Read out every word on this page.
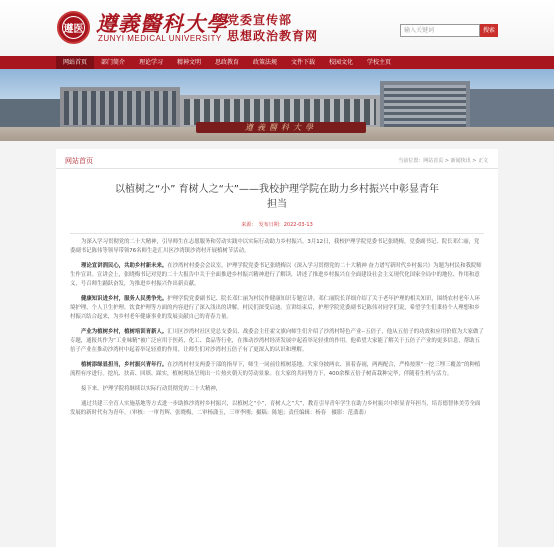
遵医 遵義醫科大學
ZUNYI MEDICAL UNIVERSITY
党委宣传部
思想政治教育网	输入关键词	搜索
网站首页	部门简介	理论学习	精神文明	思政教育	政策法规	文件下载	校园文化	学校主页
遵義醫科大學
网站首页	当前位置：网站首页 > 新闻快讯 > 正文
以植树之“小” 育树人之“大”——我校护理学院在助力乡村振兴中彰显青年
担当
来源：　发布日期：2022-03-13

为深入学习贯彻党的二十大精神，引导师生在志愿服务和劳动实践中以实际行动助力乡村振兴。3月12日，我校护理学院党委书记张晓梅，党委副书记、院长邓仁丽，党委副书记陈伟等领导带领76名师生赴汇川区沙湾镇沙湾村开展植树节活动。

理论宣讲润民心，共助乡村新未来。在沙湾村村委会会议室，护理学院党委书记张晓梅以《深入学习贯彻党的二十大精神 奋力谱写新时代乡村振兴》为题为村民和我院师生作宣讲。宣讲会上，张晓梅书记对党的二十大报告中关于全面推进乡村振兴精神进行了解读，讲述了推进乡村振兴在全面建设社会主义现代化国家全局中的地位、作用和意义，号召师生踊跃奋发，为推进乡村振兴作出新贡献。

健康知识进乡村，服务人民勇争先。护理学院党委副书记、院长邓仁丽为村民作健康知识专题宣讲。邓仁丽院长详细介绍了关于老年护理的相关知识，围绕农村老年人环境护理、个人卫生护理、饮食护理等方面的内容进行了深入浅出的讲解，村民们深受启迪。宣讲结束后，护理学院党委副书记陈伟对同学们说，希望学生们秉持个人理想和乡村振兴结合起来，为乡村老年健康事业的发展贡献自己的青春力量。

产业为植树乡村，植树培训育新人。汇川区沙湾村社区党总支委员、战委会主任霍文旗向师生们介绍了沙湾村特色产业--五倍子，他从五倍子的功效和应用价值为大家做了专题，通报其作为“工业味精”被广泛应用于医药、化工、食品等行业，在推动沙湾村经济发展中起着举足轻重的作用。他希望大家能了解关于五倍子产业的更多信息，帮助五倍子产业在推动沙湾村中起着举足轻重的作用，让师生们对沙湾村五倍子有了更深入的认识和理解。

植树添绿显担当，乡村振兴青年行。在沙湾村村支两委干部的指导下，师生一同前往植树基地。大家身披两衣、顶着春雨，两两配合，严格按照“一挖三埋三覆盖”的种植流程有序进行。挖坑、扶苗、回填、踩实，植树现场呈现出一片热火朝天的劳动景象。在大家的共同努力下，400余棵五倍子树苗栽种完毕，伴随着生机与活力。

接下来，护理学院将继续以实际行动贯彻党的二十大精神，

通过共建三全育人实施基地等方式进一步助推沙湾村乡村振兴，以植树之“小”，育树人之“大”，教育引导青年学生在助力乡村振兴中彰显青年担当，培育德智体美劳全面发展的新时代有为青年。（审核：一审肖辉、张晓梅，二审杨潇玉，三审李刚；摄稿：陈旭；责任编辑：杨春　摄影：范翡翡）
